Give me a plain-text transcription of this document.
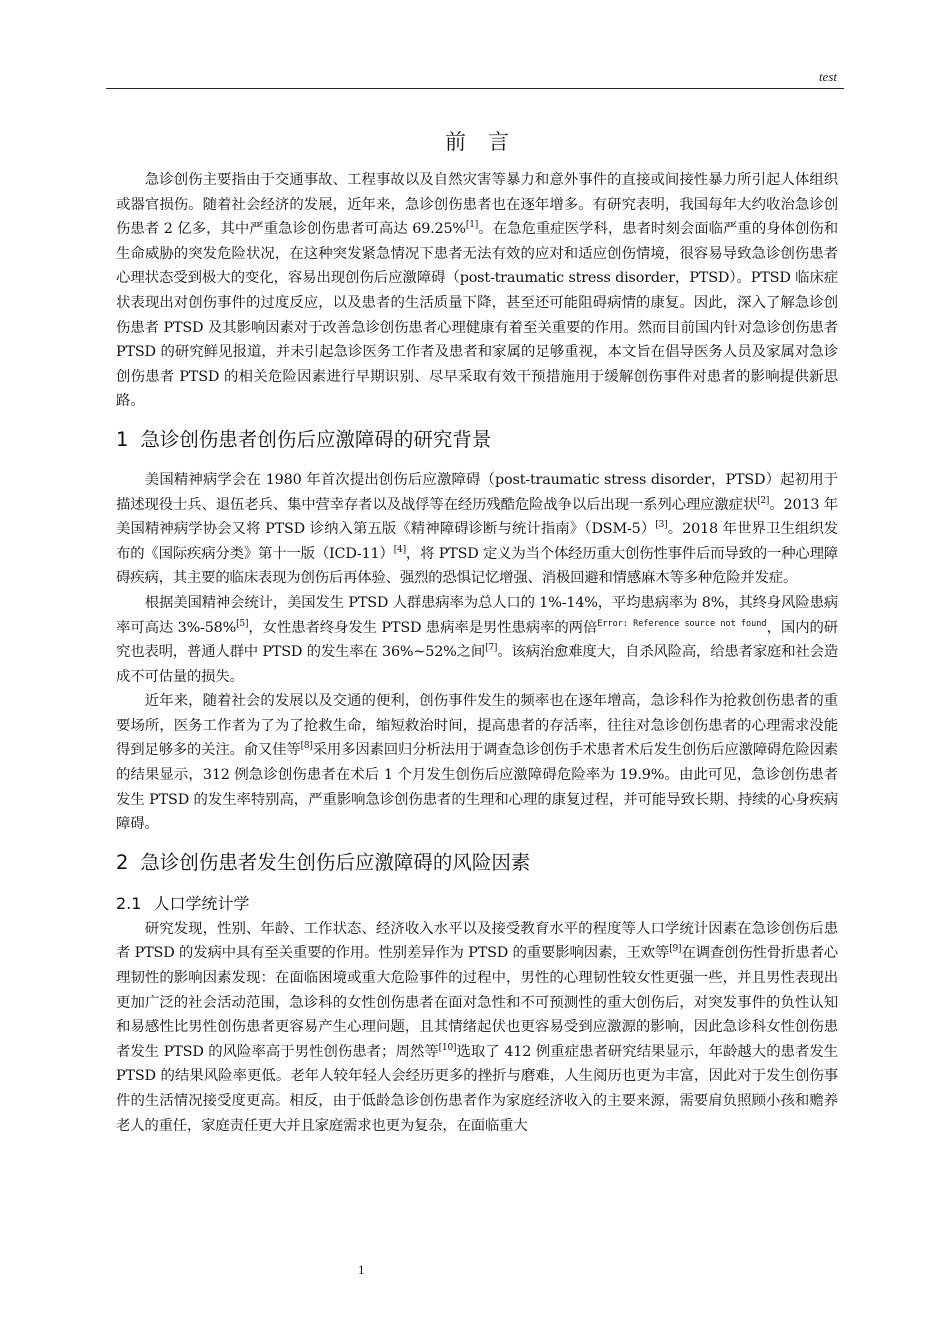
test
前言

急诊创伤主要指由于交通事故、工程事故以及自然灾害等暴力和意外事件的直接或间接性暴力所引起人体组织或器官损伤。随着社会经济的发展，近年来，急诊创伤患者也在逐年增多。有研究表明，我国每年大约收治急诊创伤患者 2 亿多，其中严重急诊创伤患者可高达 69.25%[1]。在急危重症医学科，患者时刻会面临严重的身体创伤和生命威胁的突发危险状况，在这种突发紧急情况下患者无法有效的应对和适应创伤情境，很容易导致急诊创伤患者心理状态受到极大的变化，容易出现创伤后应激障碍（post-traumatic stress disorder，PTSD）。PTSD 临床症状表现出对创伤事件的过度反应，以及患者的生活质量下降，甚至还可能阻碍病情的康复。因此，深入了解急诊创伤患者 PTSD 及其影响因素对于改善急诊创伤患者心理健康有着至关重要的作用。然而目前国内针对急诊创伤患者 PTSD 的研究鲜见报道，并未引起急诊医务工作者及患者和家属的足够重视，本文旨在倡导医务人员及家属对急诊创伤患者 PTSD 的相关危险因素进行早期识别、尽早采取有效干预措施用于缓解创伤事件对患者的影响提供新思路。

1 急诊创伤患者创伤后应激障碍的研究背景

美国精神病学会在 1980 年首次提出创伤后应激障碍（post-traumatic stress disorder，PTSD）起初用于描述现役士兵、退伍老兵、集中营幸存者以及战俘等在经历残酷危险战争以后出现一系列心理应激症状[2]。2013 年美国精神病学协会又将 PTSD 诊纳入第五版《精神障碍诊断与统计指南》（DSM-5）[3]。2018 年世界卫生组织发布的《国际疾病分类》第十一版（ICD-11）[4]，将 PTSD 定义为当个体经历重大创伤性事件后而导致的一种心理障碍疾病，其主要的临床表现为创伤后再体验、强烈的恐惧记忆增强、消极回避和情感麻木等多种危险并发症。

根据美国精神会统计，美国发生 PTSD 人群患病率为总人口的 1%-14%，平均患病率为 8%，其终身风险患病率可高达 3%-58%[5]，女性患者终身发生 PTSD 患病率是男性患病率的两倍$^{Error: Reference source not found}$，国内的研究也表明，普通人群中 PTSD 的发生率在 36%~52%之间[7]。该病治愈难度大，自杀风险高，给患者家庭和社会造成不可估量的损失。

近年来，随着社会的发展以及交通的便利，创伤事件发生的频率也在逐年增高，急诊科作为抢救创伤患者的重要场所，医务工作者为了为了抢救生命，缩短救治时间，提高患者的存活率，往往对急诊创伤患者的心理需求没能得到足够多的关注。俞又佳等[8]采用多因素回归分析法用于调查急诊创伤手术患者术后发生创伤后应激障碍危险因素的结果显示，312 例急诊创伤患者在术后 1 个月发生创伤后应激障碍危险率为 19.9%。由此可见，急诊创伤患者发生 PTSD 的发生率特别高，严重影响急诊创伤患者的生理和心理的康复过程，并可能导致长期、持续的心身疾病障碍。

2 急诊创伤患者发生创伤后应激障碍的风险因素
2.1 人口学统计学

研究发现，性别、年龄、工作状态、经济收入水平以及接受教育水平的程度等人口学统计因素在急诊创伤后患者 PTSD 的发病中具有至关重要的作用。性别差异作为 PTSD 的重要影响因素，王欢等[9]在调查创伤性骨折患者心理韧性的影响因素发现：在面临困境或重大危险事件的过程中，男性的心理韧性较女性更强一些，并且男性表现出更加广泛的社会活动范围，急诊科的女性创伤患者在面对急性和不可预测性的重大创伤后，对突发事件的负性认知和易感性比男性创伤患者更容易产生心理问题，且其情绪起伏也更容易受到应激源的影响，因此急诊科女性创伤患者发生 PTSD 的风险率高于男性创伤患者；周然等[10]选取了 412 例重症患者研究结果显示，年龄越大的患者发生 PTSD 的结果风险率更低。老年人较年轻人会经历更多的挫折与磨难，人生阅历也更为丰富，因此对于发生创伤事件的生活情况接受度更高。相反，由于低龄急诊创伤患者作为家庭经济收入的主要来源，需要肩负照顾小孩和赡养老人的重任，家庭责任更大并且家庭需求也更为复杂，在面临重大

1
